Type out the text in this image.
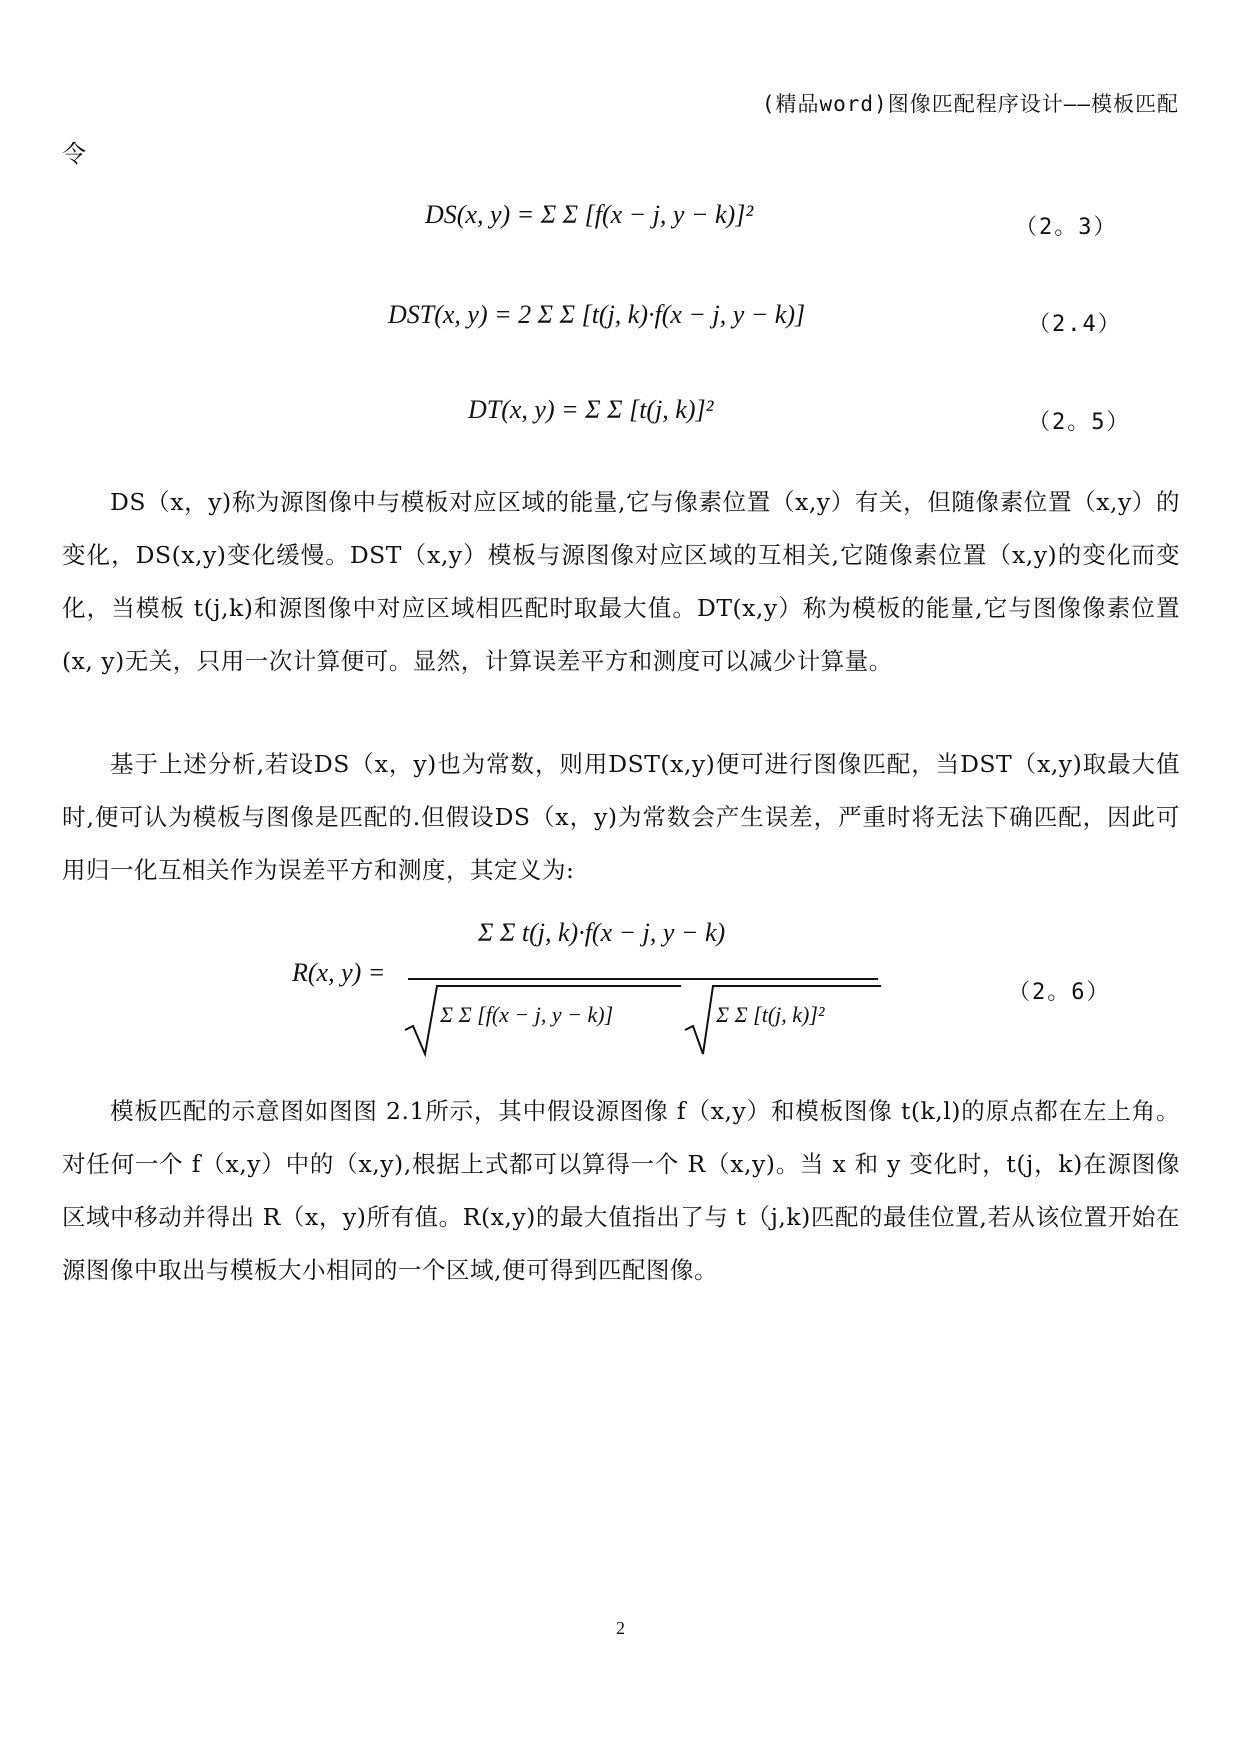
(精品word)图像匹配程序设计——模板匹配
令
DS(x, y) = Σ Σ [f(x − j, y − k)]²	（2。3）
DST(x, y) = 2 Σ Σ [t(j, k)·f(x − j, y − k)]	（2.4）
DT(x, y) = Σ Σ [t(j, k)]²	（2。5）
DS（x，y)称为源图像中与模板对应区域的能量,它与像素位置（x,y）有关，但随像素位置（x,y）的变化，DS(x,y)变化缓慢。DST（x,y）模板与源图像对应区域的互相关,它随像素位置（x,y)的变化而变化，当模板 t(j,k)和源图像中对应区域相匹配时取最大值。DT(x,y）称为模板的能量,它与图像像素位置(x, y)无关，只用一次计算便可。显然，计算误差平方和测度可以减少计算量。
基于上述分析,若设DS（x，y)也为常数，则用DST(x,y)便可进行图像匹配，当DST（x,y)取最大值时,便可认为模板与图像是匹配的.但假设DS（x，y)为常数会产生误差，严重时将无法下确匹配，因此可用归一化互相关作为误差平方和测度，其定义为:
R(x, y) =
Σ Σ t(j, k)·f(x − j, y − k)
Σ Σ [f(x − j, y − k)]	Σ Σ [t(j, k)]²
（2。6）
模板匹配的示意图如图图 2.1所示，其中假设源图像 f（x,y）和模板图像 t(k,l)的原点都在左上角。对任何一个 f（x,y）中的（x,y),根据上式都可以算得一个 R（x,y)。当 x 和 y 变化时，t(j，k)在源图像区域中移动并得出 R（x，y)所有值。R(x,y)的最大值指出了与 t（j,k)匹配的最佳位置,若从该位置开始在源图像中取出与模板大小相同的一个区域,便可得到匹配图像。
2
